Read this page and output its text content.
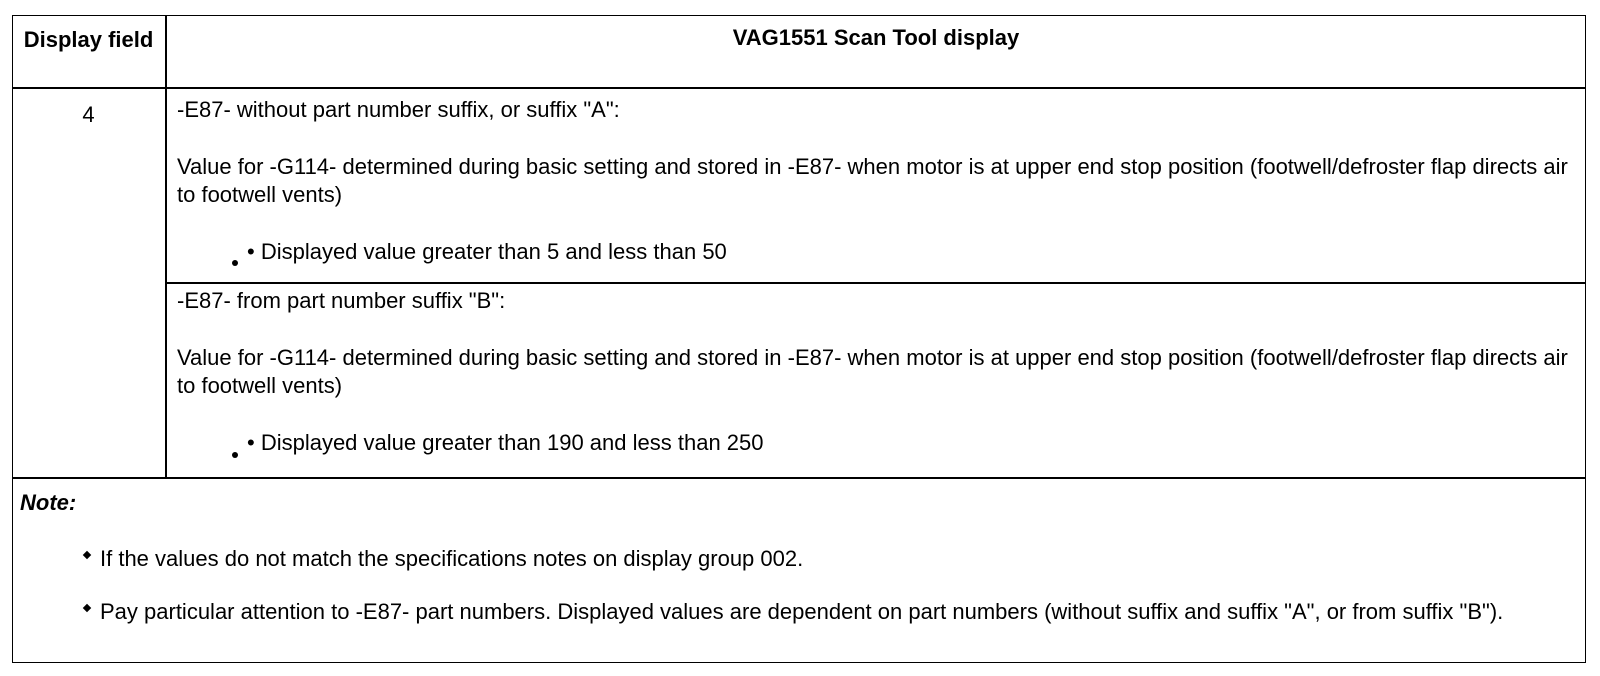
Display field	VAG1551 Scan Tool display
4	-E87- without part number suffix, or suffix "A":
Value for -G114- determined during basic setting and stored in -E87- when motor is at upper end stop position (footwell/defroster flap directs air to footwell vents)
• Displayed value greater than 5 and less than 50
-E87- from part number suffix "B":
Value for -G114- determined during basic setting and stored in -E87- when motor is at upper end stop position (footwell/defroster flap directs air to footwell vents)
• Displayed value greater than 190 and less than 250
Note:
If the values do not match the specifications notes on display group 002.
Pay particular attention to -E87- part numbers. Displayed values are dependent on part numbers (without suffix and suffix "A", or from suffix "B").
